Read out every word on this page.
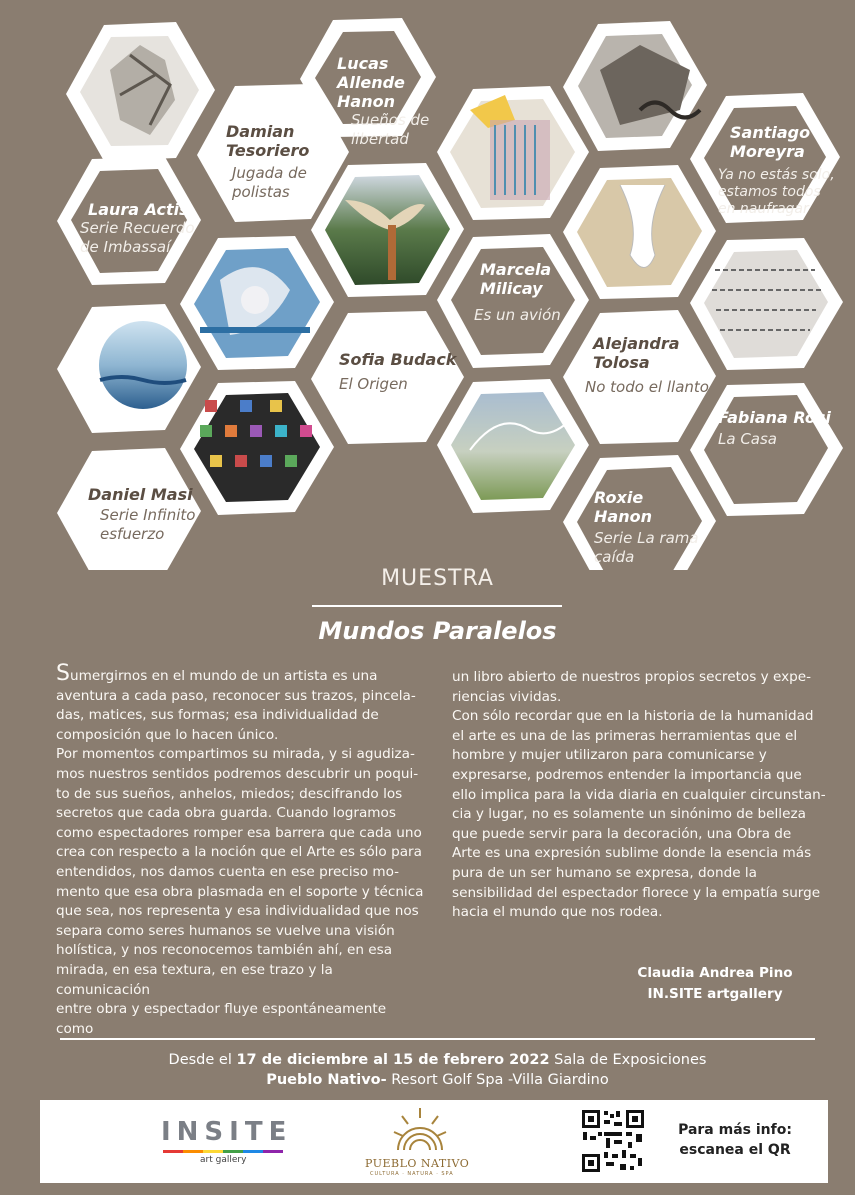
Lucas Allende
Hanon
Sueños de
libertad
Damian
Tesoriero
Jugada de
polistas
Santiago
Moreyra
Ya no estás solo,
estamos todos
en naufragar
Laura Actis
Serie Recuerdo
de Imbassaí
Marcela
Milicay
Es un avión
Sofia Budack
El Origen
Alejandra
Tolosa
No todo el llanto
Fabiana Rosi
La Casa
Daniel Masi
Serie Infinito
esfuerzo
Roxie Hanon
Serie La rama
caída
MUESTRA
Mundos Paralelos

Sumergirnos en el mundo de un artista es una

aventura a cada paso, reconocer sus trazos, pincela-

das, matices, sus formas; esa individualidad de

composición que lo hacen único.

Por momentos compartimos su mirada, y si agudiza-

mos nuestros sentidos podremos descubrir un poqui-

to de sus sueños, anhelos, miedos; descifrando los

secretos que cada obra guarda. Cuando logramos

como espectadores romper esa barrera que cada uno

crea con respecto a la noción que el Arte es sólo para

entendidos, nos damos cuenta en ese preciso mo-

mento que esa obra plasmada en el soporte y técnica

que sea, nos representa y esa individualidad que nos

separa como seres humanos se vuelve una visión

holística, y nos reconocemos también ahí, en esa

mirada, en esa textura, en ese trazo y la comunicación

entre obra y espectador fluye espontáneamente como

un libro abierto de nuestros propios secretos y expe-

riencias vividas.

Con sólo recordar que en la historia de la humanidad

el arte es una de las primeras herramientas que el

hombre y mujer utilizaron para comunicarse y

expresarse, podremos entender la importancia que

ello implica para la vida diaria en cualquier circunstan-

cia y lugar, no es solamente un sinónimo de belleza

que puede servir para la decoración, una Obra de

Arte es una expresión sublime donde la esencia más

pura de un ser humano se expresa, donde la

sensibilidad del espectador florece y la empatía surge

hacia el mundo que nos rodea.

Claudia Andrea Pino
IN.SITE artgallery
Desde el 17 de diciembre al 15 de febrero 2022 Sala de Exposiciones
Pueblo Nativo- Resort Golf Spa -Villa Giardino
INSITE
art gallery	PUEBLO NATIVO
CULTURA · NATURA · SPA
Para más info:
escanea el QR
